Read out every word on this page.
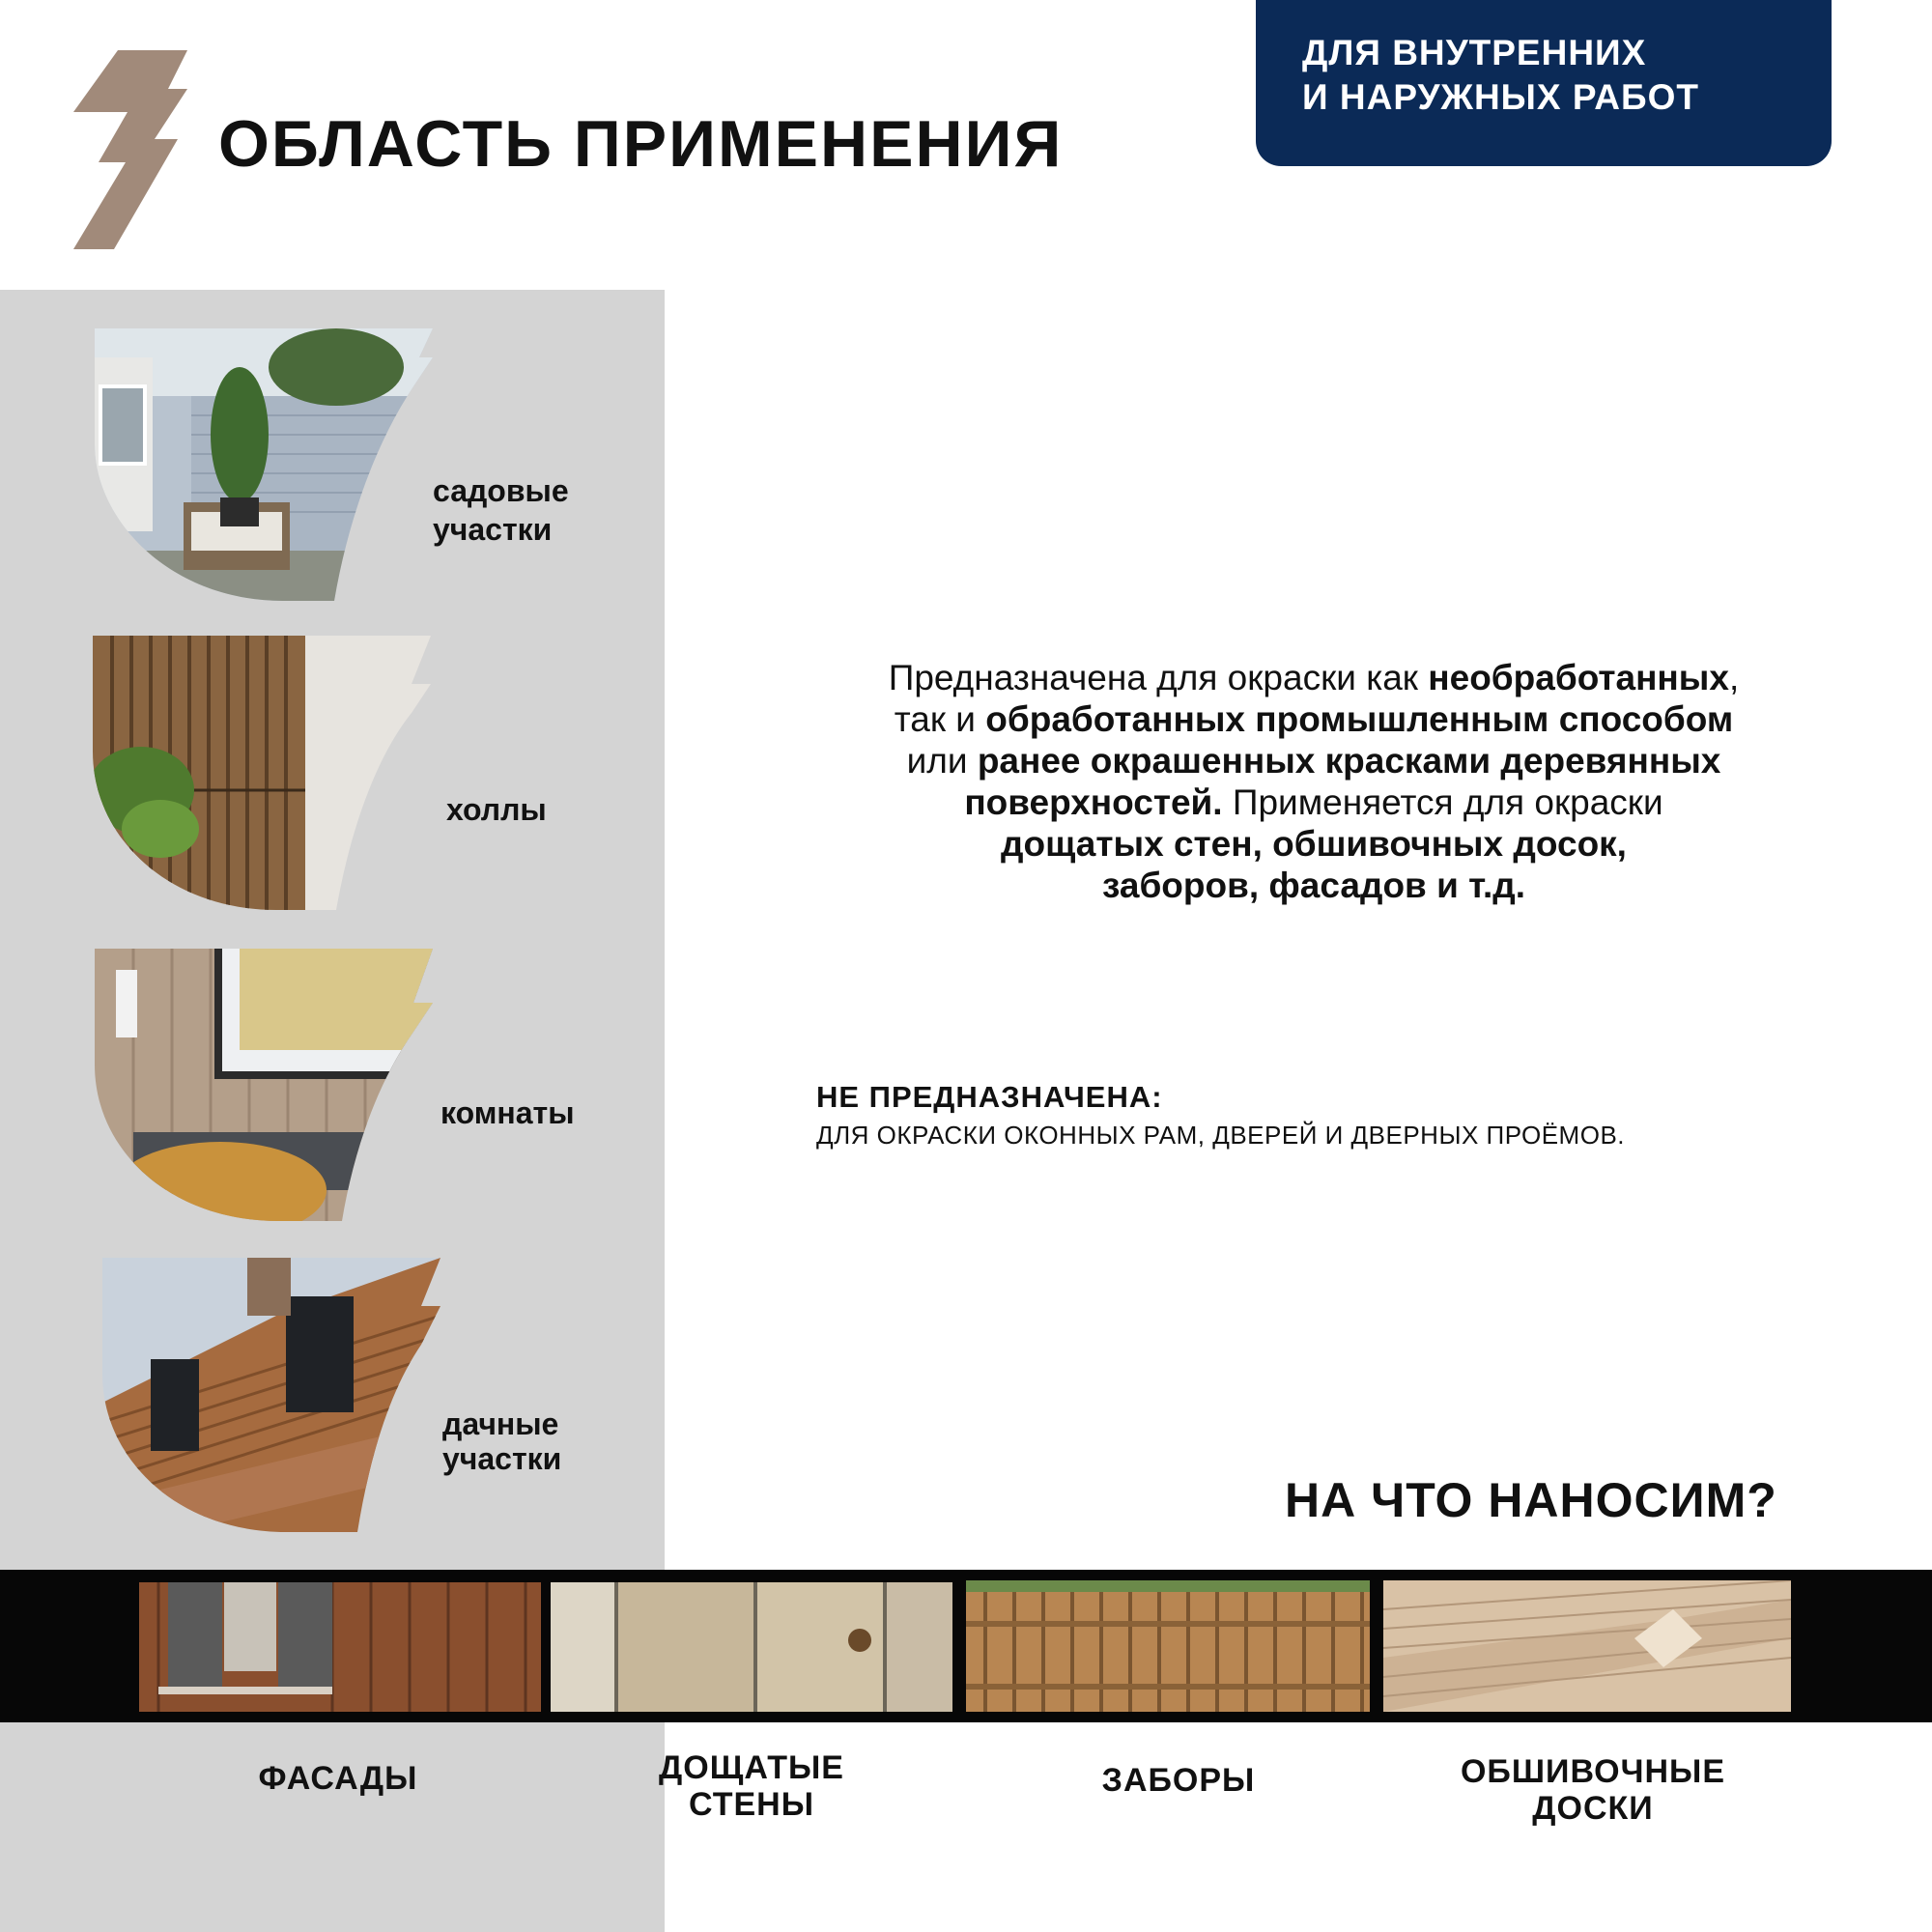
ОБЛАСТЬ ПРИМЕНЕНИЯ
ДЛЯ ВНУТРЕННИХ
И НАРУЖНЫХ РАБОТ
садовые
участки
холлы
комнаты
дачные
участки
Предназначена для окраски как необработанных,
так и обработанных промышленным способом
или ранее окрашенных красками деревянных
поверхностей. Применяется для окраски
дощатых стен, обшивочных досок,
заборов, фасадов и т.д.
НЕ ПРЕДНАЗНАЧЕНА:
ДЛЯ ОКРАСКИ ОКОННЫХ РАМ, ДВЕРЕЙ И ДВЕРНЫХ ПРОЁМОВ.
НА ЧТО НАНОСИМ?
ФАСАДЫ	ДОЩАТЫЕ
СТЕНЫ
ЗАБОРЫ	ОБШИВОЧНЫЕ
ДОСКИ
